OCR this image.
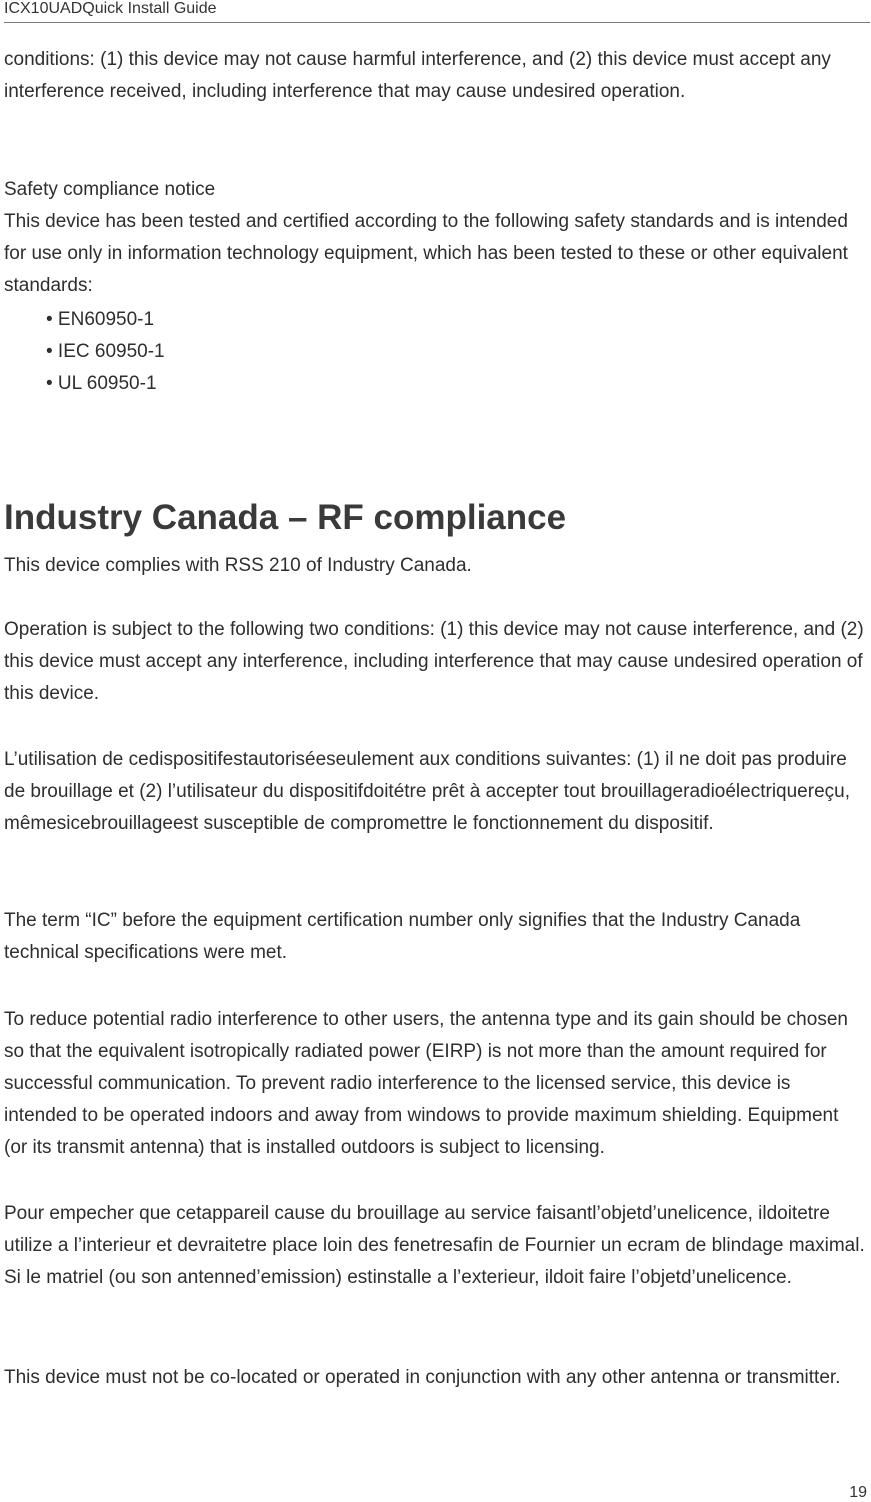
ICX10UADQuick Install Guide

conditions: (1) this device may not cause harmful interference, and (2) this device must accept any interference received, including interference that may cause undesired operation.

Safety compliance notice

This device has been tested and certified according to the following safety standards and is intended for use only in information technology equipment, which has been tested to these or other equivalent standards:

• EN60950-1

• IEC 60950-1

• UL 60950-1

Industry Canada – RF compliance

This device complies with RSS 210 of Industry Canada.

Operation is subject to the following two conditions: (1) this device may not cause interference, and (2) this device must accept any interference, including interference that may cause undesired operation of this device.

L’utilisation de cedispositifestautoriséeseulement aux conditions suivantes: (1) il ne doit pas produire de brouillage et (2) l’utilisateur du dispositifdoitétre prêt à accepter tout brouillageradioélectriquereçu, mêmesicebrouillageest susceptible de compromettre le fonctionnement du dispositif.

The term “IC” before the equipment certification number only signifies that the Industry Canada technical specifications were met.

To reduce potential radio interference to other users, the antenna type and its gain should be chosen so that the equivalent isotropically radiated power (EIRP) is not more than the amount required for successful communication. To prevent radio interference to the licensed service, this device is intended to be operated indoors and away from windows to provide maximum shielding. Equipment (or its transmit antenna) that is installed outdoors is subject to licensing.

Pour empecher que cetappareil cause du brouillage au service faisantl’objetd’unelicence, ildoitetre utilize a l’interieur et devraitetre place loin des fenetresafin de Fournier un ecram de blindage maximal. Si le matriel (ou son antenned’emission) estinstalle a l’exterieur, ildoit faire l’objetd’unelicence.

This device must not be co-located or operated in conjunction with any other antenna or transmitter.

19
